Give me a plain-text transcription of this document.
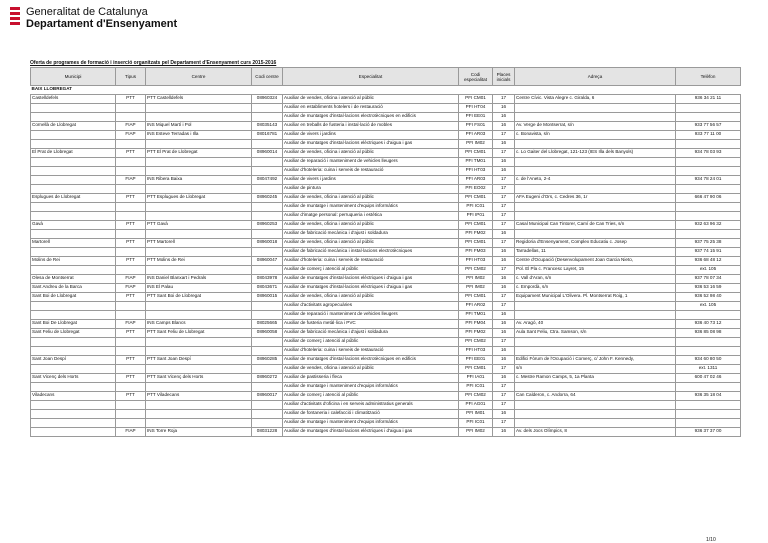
Generalitat de Catalunya
Departament d'Ensenyament
Oferta de programes de formació i inserció organitzats pel Departament d'Ensenyament curs 2015-2016
Municipi	Tipus	Centre	Codi centre	Especialitat	Codi especialitat	Places inicials	Adreça	Telèfon
BAIX LLOBREGAT								
Castelldefels	PTT	PTT Castelldefels	08960324	Auxiliar de vendes, oficina i atenció al públic	PFI CM01	17	Centre Cívic. Vista Alegre c. Giralda, 6	936 34 21 11
				Auxiliar en establiments hotelers i de restauració	PFI HT04	16		
				Auxiliar de muntatges d'instal·lacions electrotècniques en edificis	PFI EE01	16		
Cornellà de Llobregat	FIAP	INS Miquel Martí i Pol	08035143	Auxiliar en treballs de fusteria i instal·lació de mobles	PFI FS01	16	Av. Verge de Montserrat, s/n	933 77 56 57
	FIAP	INS Esteve Terradas i Illa	08016781	Auxiliar de vivers i jardins	PFI AR03	17	c. Bonavista, s/n	933 77 11 00
				Auxiliar de muntatges d'instal·lacions elèctriques i d'aigua i gas	PFI IM02	16		
El Prat de Llobregat	PTT	PTT El Prat de Llobregat	08960014	Auxiliar de vendes, oficina i atenció al públic	PFI CM01	17	c. Lo Gaiter del Llobregat, 121-123 (IES Illa dels Banyols)	934 78 03 93
				Auxiliar de reparació i manteniment de vehicles lleugers	PFI TM01	16		
				Auxiliar d'hoteleria: cuina i serveis de restauració	PFI HT03	16		
	FIAP	INS Ribera Baixa	08047492	Auxiliar de vivers i jardins	PFI AR03	17	c. de l'Aneto, 2-4	934 78 24 01
				Auxiliar de pintura	PFI EO02	17		
Esplugues de Llobregat	PTT	PTT Esplugues de Llobregat	08960245	Auxiliar de vendes, oficina i atenció al públic	PFI CM01	17	AFA Eugeni d'Ors, c. Cedres 36, 1r	666 47 90 06
				Auxiliar de muntatge i manteniment d'equips informàtics	PFI IC01	17		
				Auxiliar d'imatge personal: perruqueria i estètica	PFI IP01	17		
Gavà	PTT	PTT Gavà	08960253	Auxiliar de vendes, oficina i atenció al públic	PFI CM01	17	Casal Municipal Can Tintorer, Camí de Can Tries, s/n	932 63 96 32
				Auxiliar de fabricació mecànica i d'ajust i soldadura	PFI FM02	16		
Martorell	PTT	PTT Martorell	08960018	Auxiliar de vendes, oficina i atenció al públic	PFI CM01	17	Regidoria d'Ensenyament, Complex Educatiu c. Josep	937 75 25 38
				Auxiliar de fabricació mecànica i instal·lacions electrotècniques	PFI FM03	16	Tarradellas, 11	937 74 15 91
Molins de Rei	PTT	PTT Molins de Rei	08960047	Auxiliar d'hoteleria: cuina i serveis de restauració	PFI HT03	16	Centre d'Ocupació (Desenvolupament Joan Garcia Nieto,	936 68 48 12
				Auxiliar de comerç i atenció al públic	PFI CM02	17	Pol. El Pla c. Francesc Layret, 15	ext. 105
Olesa de Montserrat	FIAP	INS Daniel Blanxart i Pedrals	08043978	Auxiliar de muntatges d'instal·lacions elèctriques i d'aigua i gas	PFI IM02	16	c. Vall d'Aran, s/n	937 78 07 34
Sant Andreu de la Barca	FIAP	INS El Palau	08043671	Auxiliar de muntatges d'instal·lacions elèctriques i d'aigua i gas	PFI IM02	16	c. Empordà, s/n	936 53 16 59
Sant Boi de Llobregat	PTT	PTT Sant Boi de Llobregat	08960015	Auxiliar de vendes, oficina i atenció al públic	PFI CM01	17	Equipament Municipal L'Olivera. Pl. Montserrat Roig, 1	936 52 98 40
				Auxiliar d'activitats agropecuàries	PFI AR02	17		ext. 105
				Auxiliar de reparació i manteniment de vehicles lleugers	PFI TM01	16		
Sant Boi De Llobregat	FIAP	INS Camps Blancs	08025665	Auxiliar de fusteria metàl·lica i PVC	PFI FM04	16	Av. Aragó, 40	936 40 73 12
Sant Feliu de Llobregat	PTT	PTT Sant Feliu de Llobregat	08960058	Auxiliar de fabricació mecànica i d'ajust i soldadura	PFI FM02	16	Aula Sant Feliu, Ctra. Samson, s/n	936 85 08 98
				Auxiliar de comerç i atenció al públic	PFI CM02	17		
				Auxiliar d'hoteleria: cuina i serveis de restauració	PFI HT03	16		
Sant Joan Despí	PTT	PTT Sant Joan Despí	08960285	Auxiliar de muntatges d'instal·lacions electrotècniques en edificis	PFI EE01	16	Edifici Fòrum de l'Ocupació i Comerç, c/ John F. Kennedy,	934 60 80 50
				Auxiliar de vendes, oficina i atenció al públic	PFI CM01	17	s/n	ext. 1311
Sant Vicenç dels Horts	PTT	PTT Sant Vicenç dels Horts	08960272	Auxiliar de pastisseria i fleca	PFI IA01	16	c. Mestre Ramon Camps, 5, 1a Planta	600 47 02 46
				Auxiliar de muntatge i manteniment d'equips informàtics	PFI IC01	17		
Viladecans	PTT	PTT Viladecans	08960017	Auxiliar de comerç i atenció al públic	PFI CM02	17	Can Calderon, c. Andorra, 64	936 35 18 04
				Auxiliar d'activitats d'oficina i en serveis administratius generals	PFI AG01	17		
				Auxiliar de fontaneria i calefacció i climatització	PFI IM01	16		
				Auxiliar de muntatge i manteniment d'equips informàtics	PFI IC01	17		
	FIAP	INS Torre Roja	08031228	Auxiliar de muntatges d'instal·lacions elèctriques i d'aigua i gas	PFI IM02	16	Av. dels Jocs Olímpics, 8	936 37 37 00
1/10
